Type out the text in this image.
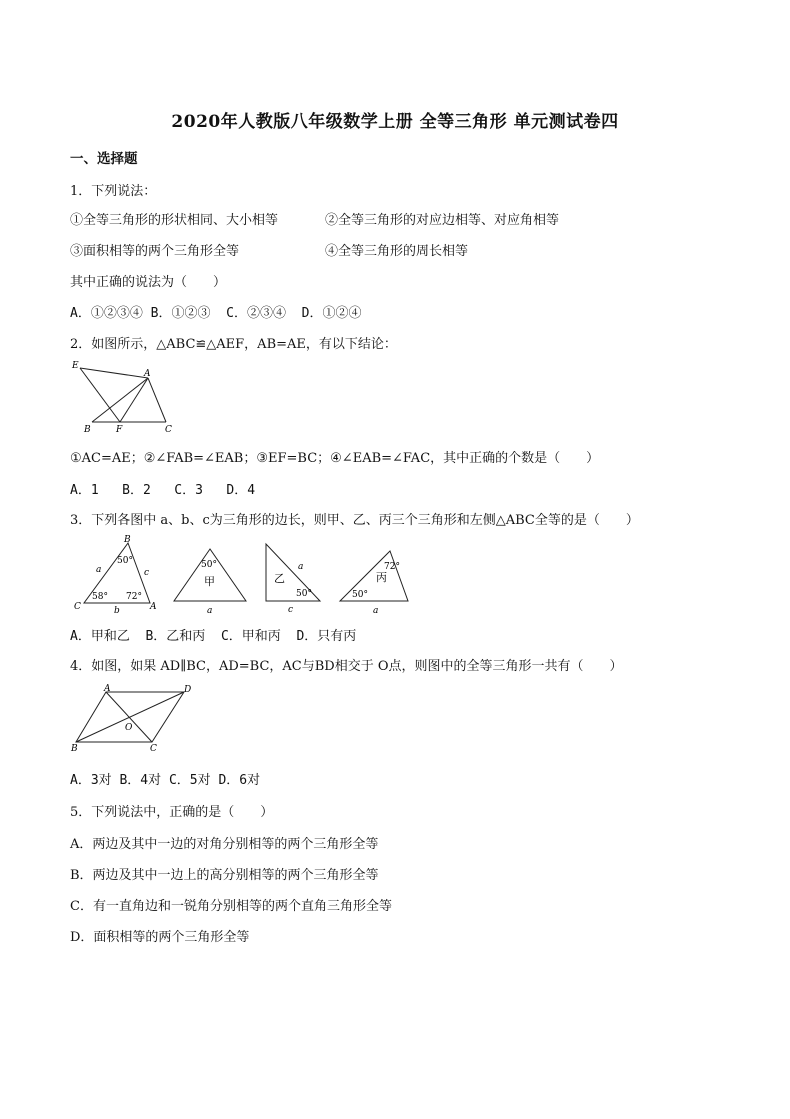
2020年人教版八年级数学上册 全等三角形 单元测试卷四
一、选择题
1．下列说法：
①全等三角形的形状相同、大小相等	②全等三角形的对应边相等、对应角相等
③面积相等的两个三角形全等	④全等三角形的周长相等
其中正确的说法为（　　）
A．①②③④ B．①②③  C．②③④  D．①②④
2．如图所示，△ABC≌△AEF，AB=AE，有以下结论：
E
A
B	F	C
①AC=AE；②∠FAB=∠EAB；③EF=BC；④∠EAB=∠FAC，其中正确的个数是（　　）
A．1   B．2   C．3   D．4
3．下列各图中 a、b、c为三角形的边长，则甲、乙、丙三个三角形和左侧△ABC全等的是（　　）
B
C	A
a	c
b
50°
58° 72°
50°
甲
a
乙
a
50°
c
72°
丙
50°
a
A．甲和乙  B．乙和丙  C．甲和丙  D．只有丙
4．如图，如果 AD∥BC，AD=BC，AC与BD相交于 O点，则图中的全等三角形一共有（　　）
A	D
O
B	C
A．3对 B．4对 C．5对 D．6对
5．下列说法中，正确的是（　　）
A．两边及其中一边的对角分别相等的两个三角形全等
B．两边及其中一边上的高分别相等的两个三角形全等
C．有一直角边和一锐角分别相等的两个直角三角形全等
D．面积相等的两个三角形全等
